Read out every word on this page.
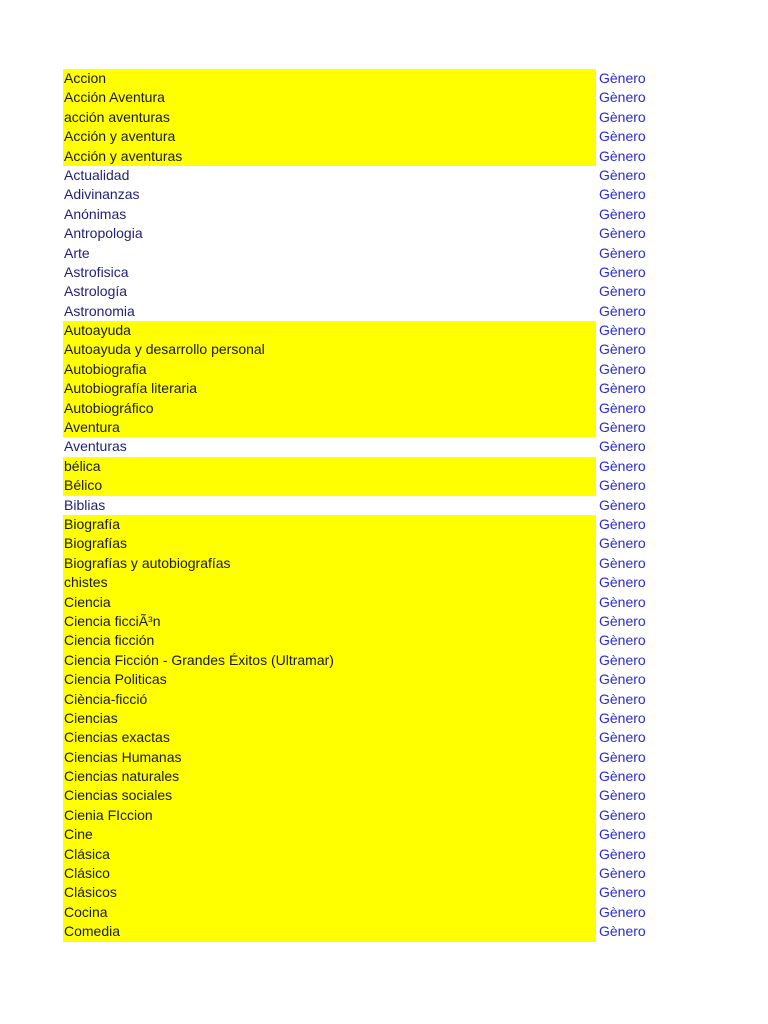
Accion	Gènero
Acción Aventura	Gènero
acción aventuras	Gènero
Acción y aventura	Gènero
Acción y aventuras	Gènero
Actualidad	Gènero
Adivinanzas	Gènero
Anónimas	Gènero
Antropologia	Gènero
Arte	Gènero
Astrofisica	Gènero
Astrología	Gènero
Astronomia	Gènero
Autoayuda	Gènero
Autoayuda y desarrollo personal	Gènero
Autobiografia	Gènero
Autobiografía literaria	Gènero
Autobiográfico	Gènero
Aventura	Gènero
Aventuras	Gènero
bélica	Gènero
Bélico	Gènero
Biblias	Gènero
Biografía	Gènero
Biografías	Gènero
Biografías y autobiografías	Gènero
chistes	Gènero
Ciencia	Gènero
Ciencia ficciÃ³n	Gènero
Ciencia ficción	Gènero
Ciencia Ficción - Grandes Éxitos (Ultramar)	Gènero
Ciencia Politicas	Gènero
Ciència-ficció	Gènero
Ciencias	Gènero
Ciencias exactas	Gènero
Ciencias Humanas	Gènero
Ciencias naturales	Gènero
Ciencias sociales	Gènero
Cienia FIccion	Gènero
Cine	Gènero
Clásica	Gènero
Clásico	Gènero
Clásicos	Gènero
Cocina	Gènero
Comedia	Gènero
